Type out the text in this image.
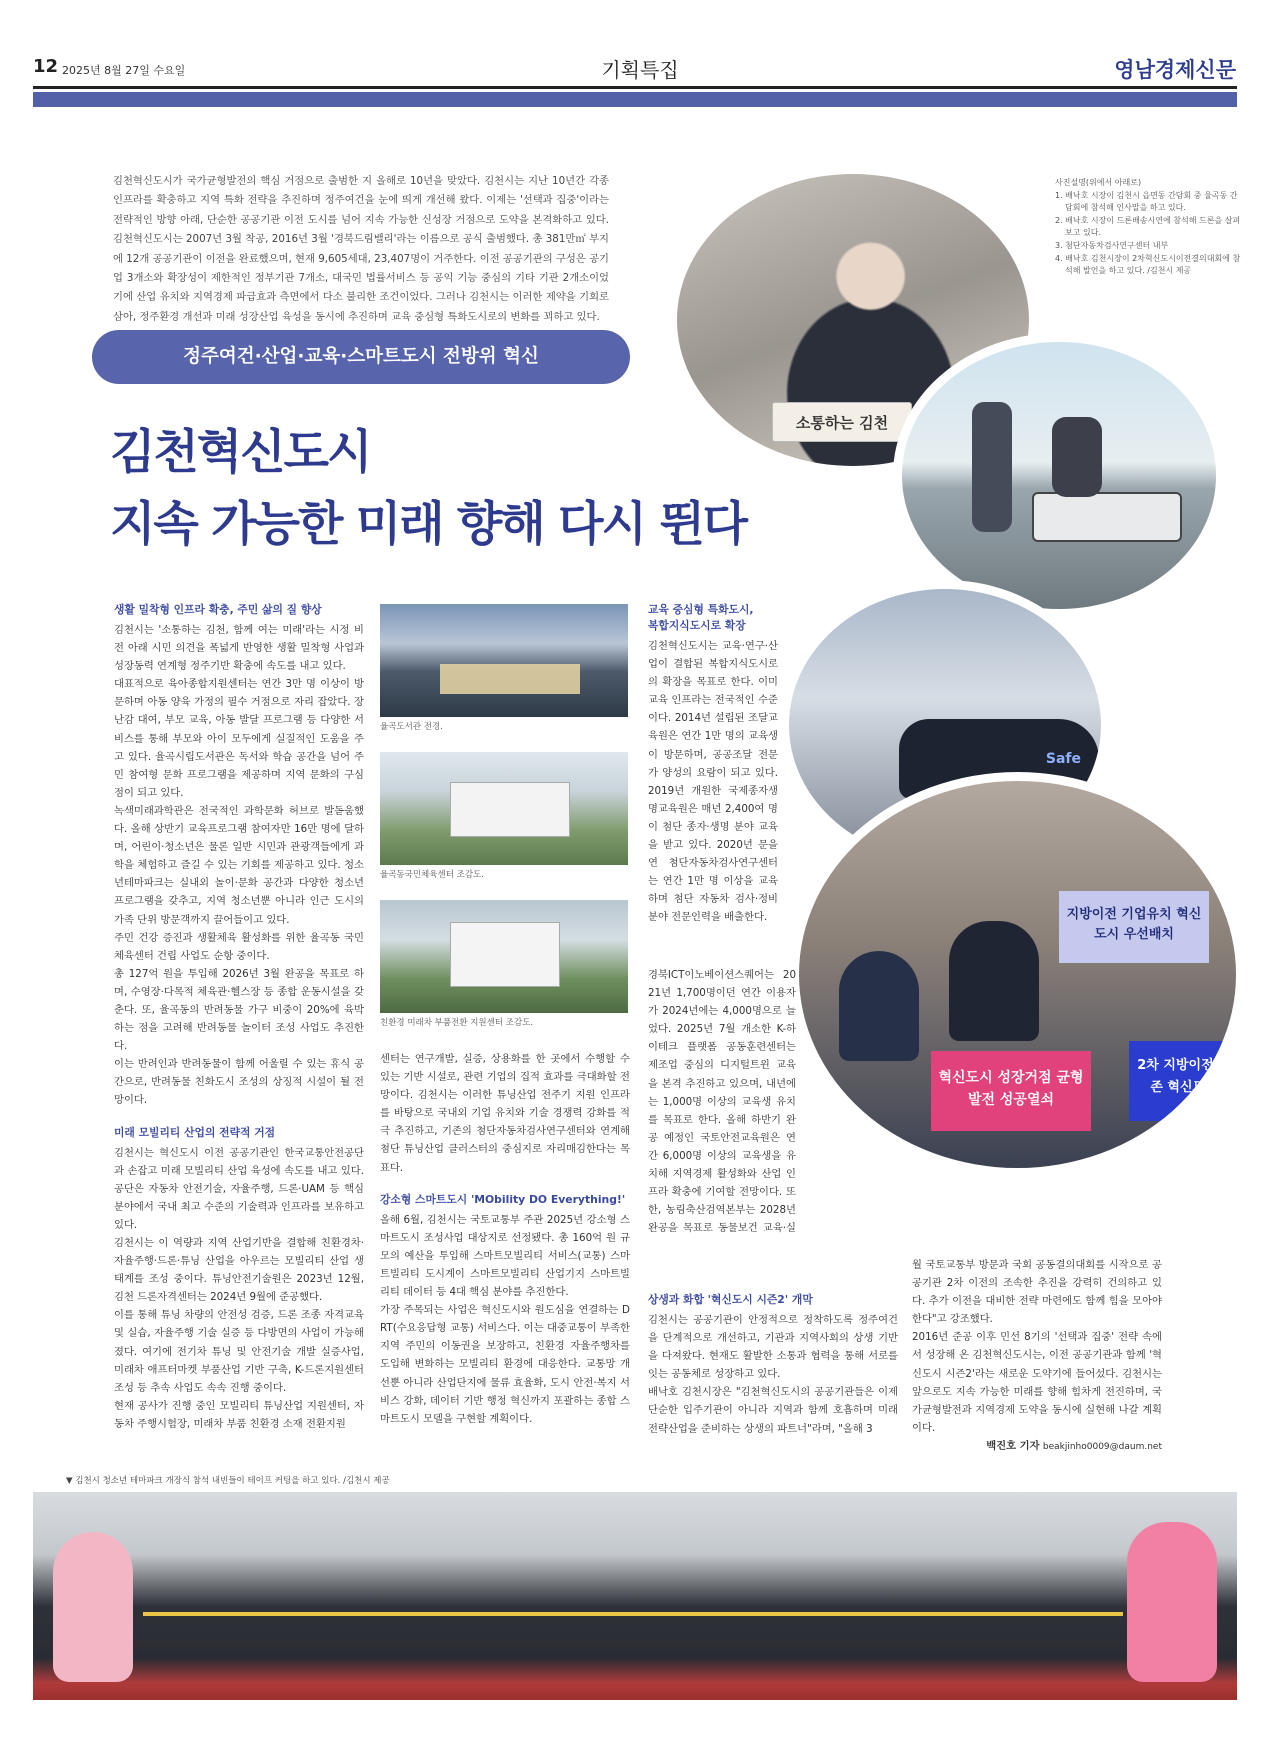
12 2025년 8월 27일 수요일	기획특집	영남경제신문
김천혁신도시가 국가균형발전의 핵심 거점으로 출범한 지 올해로 10년을 맞았다. 김천시는 지난 10년간 각종 인프라를 확충하고 지역 특화 전략을 추진하며 정주여건을 눈에 띄게 개선해 왔다. 이제는 '선택과 집중'이라는 전략적인 방향 아래, 단순한 공공기관 이전 도시를 넘어 지속 가능한 신성장 거점으로 도약을 본격화하고 있다. 김천혁신도시는 2007년 3월 착공, 2016년 3월 '경북드림밸리'라는 이름으로 공식 출범했다. 총 381만㎡ 부지에 12개 공공기관이 이전을 완료했으며, 현재 9,605세대, 23,407명이 거주한다. 이전 공공기관의 구성은 공기업 3개소와 확장성이 제한적인 정부기관 7개소, 대국민 법률서비스 등 공익 기능 중심의 기타 기관 2개소이었기에 산업 유치와 지역경제 파급효과 측면에서 다소 불리한 조건이었다. 그러나 김천시는 이러한 제약을 기회로 삼아, 정주환경 개선과 미래 성장산업 육성을 동시에 추진하며 교육 중심형 특화도시로의 변화를 꾀하고 있다.
정주여건·산업·교육·스마트도시 전방위 혁신
김천혁신도시
지속 가능한 미래 향해 다시 뛴다
소통하는 김천
Safe
지방이전 기업유치 혁신도시 우선배치
혁신도시 성장거점 균형발전 성공열쇠
2차 지방이전 기존 혁신도시
사진설명(위에서 아래로)
1. 배낙호 시장이 김천시 읍면동 간담회 중 율곡동 간담회에 참석해 인사말을 하고 있다.
2. 배낙호 시장이 드론배송시연에 참석해 드론을 살펴보고 있다.
3. 첨단자동차검사연구센터 내부
4. 배낙호 김천시장이 2차혁신도시이전결의대회에 참석해 발언을 하고 있다. /김천시 제공
생활 밀착형 인프라 확충, 주민 삶의 질 향상
김천시는 '소통하는 김천, 함께 여는 미래'라는 시정 비전 아래 시민 의견을 폭넓게 반영한 생활 밀착형 사업과 성장동력 연계형 정주기반 확충에 속도를 내고 있다.
대표적으로 육아종합지원센터는 연간 3만 명 이상이 방문하며 아동 양육 가정의 필수 거점으로 자리 잡았다. 장난감 대여, 부모 교육, 아동 발달 프로그램 등 다양한 서비스를 통해 부모와 아이 모두에게 실질적인 도움을 주고 있다. 율곡시립도서관은 독서와 학습 공간을 넘어 주민 참여형 문화 프로그램을 제공하며 지역 문화의 구심점이 되고 있다.
녹색미래과학관은 전국적인 과학문화 허브로 발돋움했다. 올해 상반기 교육프로그램 참여자만 16만 명에 달하며, 어린이·청소년은 물론 일반 시민과 관광객들에게 과학을 체험하고 즐길 수 있는 기회를 제공하고 있다. 청소년테마파크는 실내외 놀이·문화 공간과 다양한 청소년 프로그램을 갖추고, 지역 청소년뿐 아니라 인근 도시의 가족 단위 방문객까지 끌어들이고 있다.
주민 건강 증진과 생활체육 활성화를 위한 율곡동 국민체육센터 건립 사업도 순항 중이다.
총 127억 원을 투입해 2026년 3월 완공을 목표로 하며, 수영장·다목적 체육관·헬스장 등 종합 운동시설을 갖춘다. 또, 율곡동의 반려동물 가구 비중이 20%에 육박하는 점을 고려해 반려동물 놀이터 조성 사업도 추진한다.
이는 반려인과 반려동물이 함께 어울릴 수 있는 휴식 공간으로, 반려동물 친화도시 조성의 상징적 시설이 될 전망이다.
미래 모빌리티 산업의 전략적 거점
김천시는 혁신도시 이전 공공기관인 한국교통안전공단과 손잡고 미래 모빌리티 산업 육성에 속도를 내고 있다. 공단은 자동차 안전기술, 자율주행, 드론·UAM 등 핵심 분야에서 국내 최고 수준의 기술력과 인프라를 보유하고 있다.
김천시는 이 역량과 지역 산업기반을 결합해 친환경차·자율주행·드론·튜닝 산업을 아우르는 모빌리티 산업 생태계를 조성 중이다. 튜닝안전기술원은 2023년 12월, 김천 드론자격센터는 2024년 9월에 준공했다.
이를 통해 튜닝 차량의 안전성 검증, 드론 조종 자격교육 및 실습, 자율주행 기술 실증 등 다방면의 사업이 가능해졌다. 여기에 전기차 튜닝 및 안전기술 개발 실증사업, 미래차 애프터마켓 부품산업 기반 구축, K-드론지원센터 조성 등 추속 사업도 속속 진행 중이다.
현재 공사가 진행 중인 모빌리티 튜닝산업 지원센터, 자동차 주행시험장, 미래차 부품 친환경 소재 전환지원
율곡도서관 전경.
율곡동국민체육센터 조감도.
친환경 미래차 부품전환 지원센터 조감도.
센터는 연구개발, 실증, 상용화를 한 곳에서 수행할 수 있는 기반 시설로, 관련 기업의 집적 효과를 극대화할 전망이다. 김천시는 이러한 튜닝산업 전주기 지원 인프라를 바탕으로 국내외 기업 유치와 기술 경쟁력 강화를 적극 추진하고, 기존의 첨단자동차검사연구센터와 연계해 첨단 튜닝산업 클러스터의 중심지로 자리매김한다는 목표다.
강소형 스마트도시 'MObility DO Everything!'
올해 6월, 김천시는 국토교통부 주관 2025년 강소형 스마트도시 조성사업 대상지로 선정됐다. 총 160억 원 규모의 예산을 투입해 스마트모빌리티 서비스(교통) 스마트빌리티 도시계이 스마트모빌리티 산업기지 스마트빌리티 데이터 등 4대 핵심 분야를 추진한다.
가장 주목되는 사업은 혁신도시와 원도심을 연결하는 DRT(수요응답형 교통) 서비스다. 이는 대중교통이 부족한 지역 주민의 이동권을 보장하고, 친환경 자율주행차를 도입해 변화하는 모빌리티 환경에 대응한다. 교통망 개선뿐 아니라 산업단지에 물류 효율화, 도시 안전·복지 서비스 강화, 데이터 기반 행정 혁신까지 포괄하는 종합 스마트도시 모델을 구현할 계획이다.
교육 중심형 특화도시,
복합지식도시로 확장
김천혁신도시는 교육·연구·산업이 결합된 복합지식도시로의 확장을 목표로 한다. 이미 교육 인프라는 전국적인 수준이다. 2014년 설립된 조달교육원은 연간 1만 명의 교육생이 방문하며, 공공조달 전문가 양성의 요람이 되고 있다. 2019년 개원한 국제종자생명교육원은 매년 2,400여 명이 첨단 종자·생명 분야 교육을 받고 있다. 2020년 문을 연 첨단자동차검사연구센터는 연간 1만 명 이상을 교육하며 첨단 자동차 검사·정비 분야 전문인력을 배출한다.
경북ICT이노베이션스퀘어는 2021년 1,700명이던 연간 이용자가 2024년에는 4,000명으로 늘었다. 2025년 7월 개소한 K-하이테크 플랫폼 공동훈련센터는 제조업 중심의 디지털트윈 교육을 본격 추진하고 있으며, 내년에는 1,000명 이상의 교육생 유치를 목표로 한다. 올해 하반기 완공 예정인 국토안전교육원은 연간 6,000명 이상의 교육생을 유치해 지역경제 활성화와 산업 인프라 확충에 기여할 전망이다. 또한, 농림축산검역본부는 2028년 완공을 목표로 동물보건 교육·실
상생과 화합 '혁신도시 시즌2' 개막
김천시는 공공기관이 안정적으로 정착하도록 정주여건을 단계적으로 개선하고, 기관과 지역사회의 상생 기반을 다져왔다. 현재도 활발한 소통과 협력을 통해 서로를 잇는 공동체로 성장하고 있다.
배낙호 김천시장은 "김천혁신도시의 공공기관들은 이제 단순한 입주기관이 아니라 지역과 함께 호흡하며 미래 전략산업을 준비하는 상생의 파트너"라며, "올해 3
월 국토교통부 방문과 국회 공동결의대회를 시작으로 공공기관 2차 이전의 조속한 추진을 강력히 건의하고 있다. 추가 이전을 대비한 전략 마련에도 함께 힘을 모아야 한다"고 강조했다.
2016년 준공 이후 민선 8기의 '선택과 집중' 전략 속에서 성장해 온 김천혁신도시는, 이전 공공기관과 함께 '혁신도시 시즌2'라는 새로운 도약기에 들어섰다. 김천시는 앞으로도 지속 가능한 미래를 향해 힘차게 전진하며, 국가균형발전과 지역경제 도약을 동시에 실현해 나갈 계획이다.
백진호 기자 beakjinho0009@daum.net
▼ 김천시 청소년 테마파크 개장식 참석 내빈들이 테이프 커팅을 하고 있다. /김천시 제공
